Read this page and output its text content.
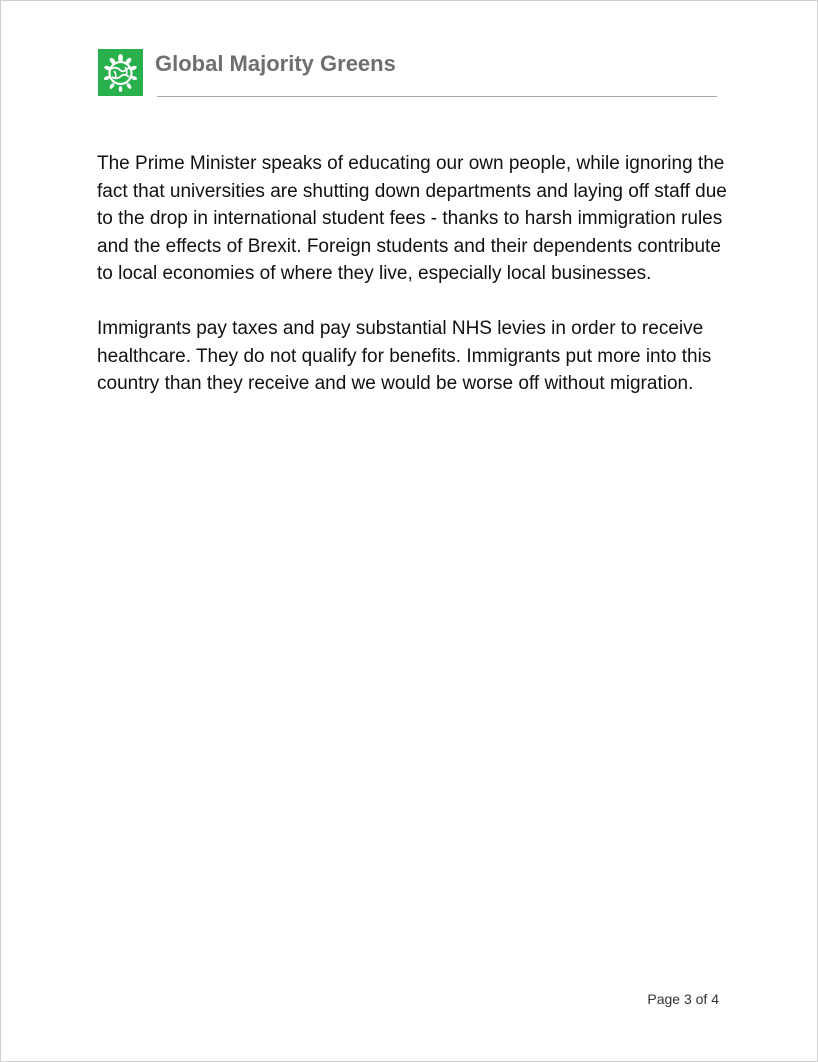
Global Majority Greens

The Prime Minister speaks of educating our own people, while ignoring the fact that universities are shutting down departments and laying off staff due to the drop in international student fees - thanks to harsh immigration rules and the effects of Brexit. Foreign students and their dependents contribute to local economies of where they live, especially local businesses.

Immigrants pay taxes and pay substantial NHS levies in order to receive healthcare. They do not qualify for benefits. Immigrants put more into this country than they receive and we would be worse off without migration.

Page 3 of 4
